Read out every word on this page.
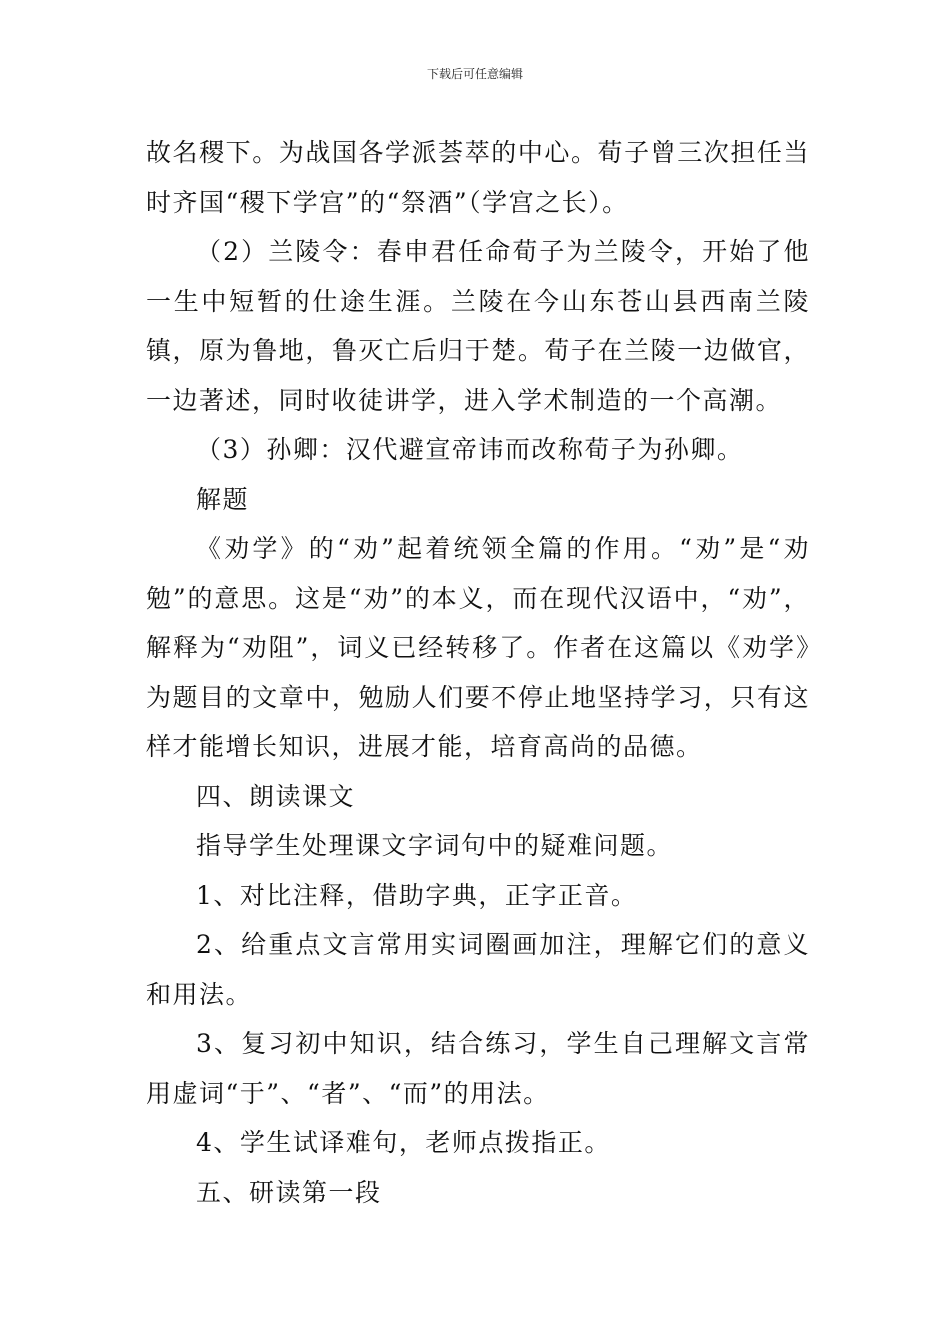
下载后可任意编辑

故名稷下。为战国各学派荟萃的中心。荀子曾三次担任当时齐国“稷下学宫”的“祭酒”（学宫之长）。

（2）兰陵令：春申君任命荀子为兰陵令，开始了他一生中短暂的仕途生涯。兰陵在今山东苍山县西南兰陵镇，原为鲁地，鲁灭亡后归于楚。荀子在兰陵一边做官，一边著述，同时收徒讲学，进入学术制造的一个高潮。

（3）孙卿：汉代避宣帝讳而改称荀子为孙卿。

解题

《劝学》的“劝”起着统领全篇的作用。“劝”是“劝勉”的意思。这是“劝”的本义，而在现代汉语中，“劝”，解释为“劝阻”，词义已经转移了。作者在这篇以《劝学》为题目的文章中，勉励人们要不停止地坚持学习，只有这样才能增长知识，进展才能，培育高尚的品德。

四、朗读课文

指导学生处理课文字词句中的疑难问题。

1、对比注释，借助字典，正字正音。

2、给重点文言常用实词圈画加注，理解它们的意义和用法。

3、复习初中知识，结合练习，学生自己理解文言常用虚词“于”、“者”、“而”的用法。

4、学生试译难句，老师点拨指正。

五、研读第一段
